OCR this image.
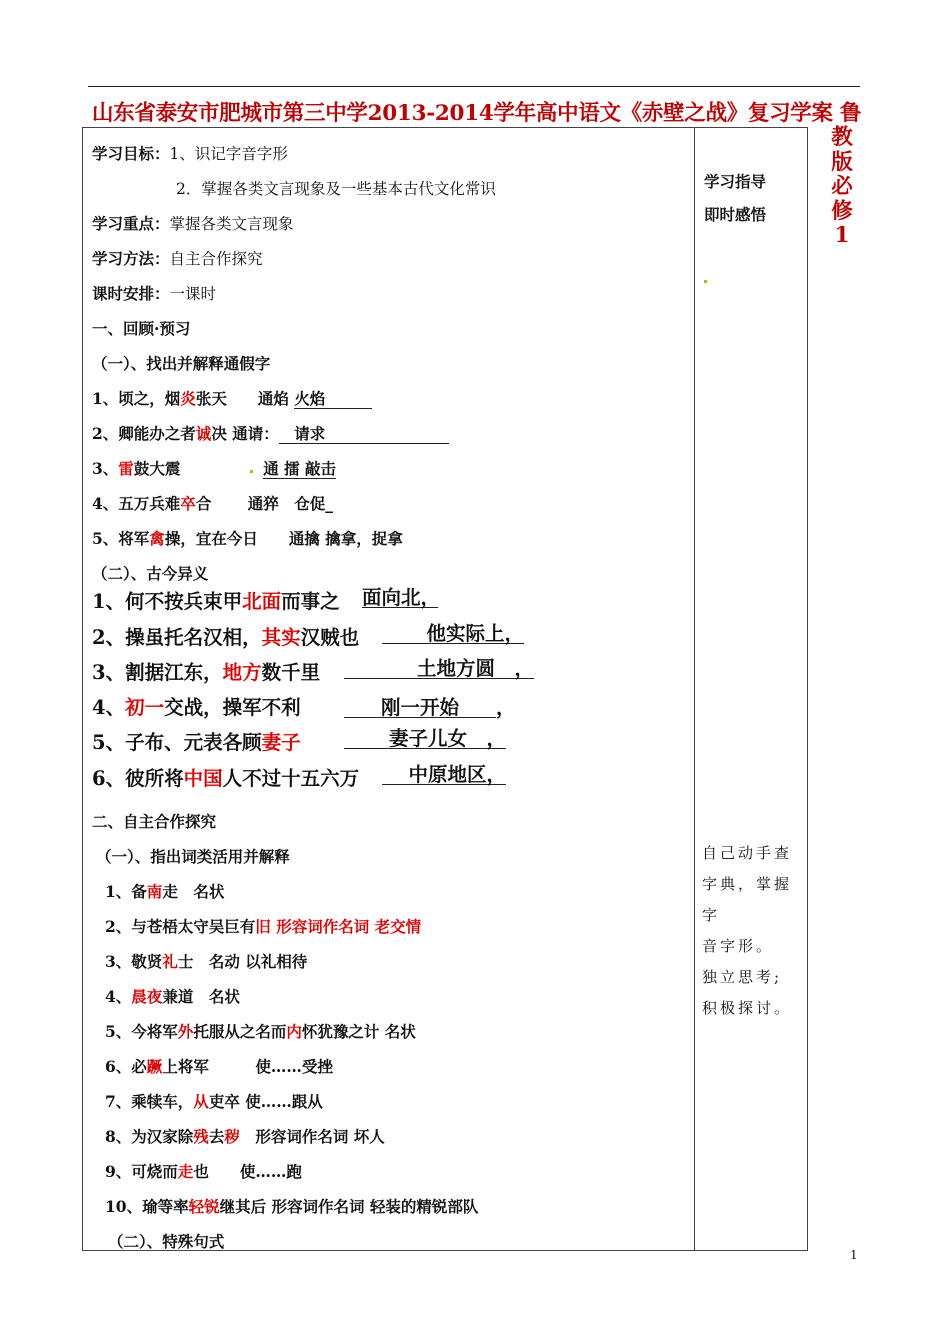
山东省泰安市肥城市第三中学2013-2014学年高中语文《赤壁之战》复习学案 鲁
教
版
必
修
1
学习指导
即时感悟
自己动手查
字典，掌握字
音字形。
独立思考;
积极探讨。
学习目标：1、识记字音字形
2．掌握各类文言现象及一些基本古代文化常识
学习重点：掌握各类文言现象
学习方法：自主合作探究
课时安排：一课时
一、回顾·预习
（一）、找出并解释通假字
1、顷之，烟炎张天　　通焰 火焰　　　
2、卿能办之者诚决 通请：　请求　　　　　　　　
3、雷鼓大震　　　　　	通 擂 敲击
4、五万兵难卒合　　 通猝　仓促_
5、将军禽操，宜在今日　　通擒 擒拿，捉拿
（二）、古今异义
1、何不按兵束甲北面而事之 面向北，
2、操虽托名汉相，其实汉贼也	他实际上，
3、割据江东，地方数千里	土地方圆　，
4、初一交战，操军不利	刚一开始 ，
5、子布、元表各顾妻子	妻子儿女　，
6、彼所将中国人不过十五六万	中原地区，
二、自主合作探究
（一）、指出词类活用并解释
1、备南走　名状
2、与苍梧太守吴巨有旧 形容词作名词 老交情
3、敬贤礼士　名动 以礼相待
4、晨夜兼道　名状
5、今将军外托服从之名而内怀犹豫之计 名状
6、必蹶上将军　　　使……受挫
7、乘犊车，从吏卒 使……跟从
8、为汉家除残去秽　形容词作名词 坏人
9、可烧而走也　　使……跑
10、瑜等率轻锐继其后 形容词作名词 轻装的精锐部队
（二）、特殊句式
1
